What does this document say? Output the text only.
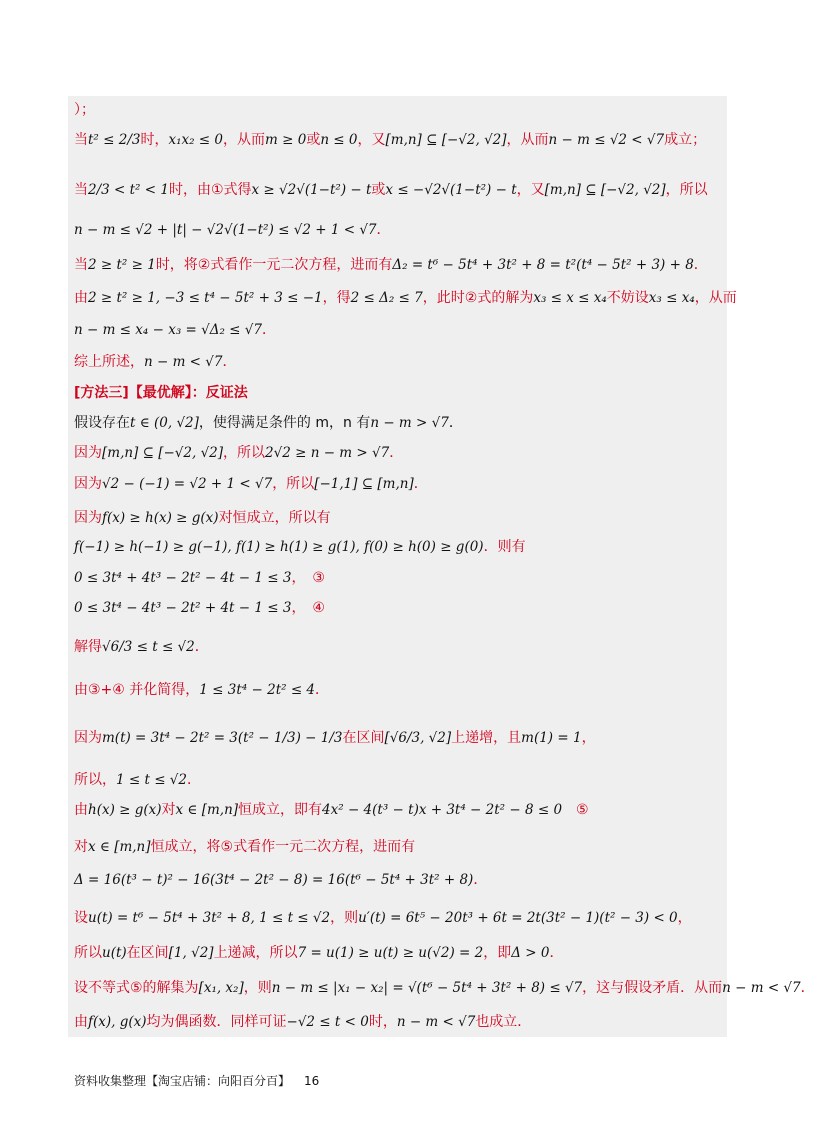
）；
当t² ≤ 2/3时，x₁x₂ ≤ 0，从而m ≥ 0或n ≤ 0，又[m,n] ⊆ [−√2, √2]，从而n − m ≤ √2 < √7成立；
当2/3 < t² < 1时，由①式得x ≥ √2√(1−t²) − t或x ≤ −√2√(1−t²) − t，又[m,n] ⊆ [−√2, √2]，所以
n − m ≤ √2 + |t| − √2√(1−t²) ≤ √2 + 1 < √7．
当2 ≥ t² ≥ 1时，将②式看作一元二次方程，进而有Δ₂ = t⁶ − 5t⁴ + 3t² + 8 = t²(t⁴ − 5t² + 3) + 8．
由2 ≥ t² ≥ 1, −3 ≤ t⁴ − 5t² + 3 ≤ −1，得2 ≤ Δ₂ ≤ 7，此时②式的解为x₃ ≤ x ≤ x₄不妨设x₃ ≤ x₄，从而
n − m ≤ x₄ − x₃ = √Δ₂ ≤ √7．
综上所述，n − m < √7．
[方法三]【最优解】：反证法
假设存在t ∈ (0, √2]，使得满足条件的 m，n 有n − m > √7．
因为[m,n] ⊆ [−√2, √2]，所以2√2 ≥ n − m > √7．
因为√2 − (−1) = √2 + 1 < √7，所以[−1,1] ⊆ [m,n]．
因为f(x) ≥ h(x) ≥ g(x)对恒成立，所以有
f(−1) ≥ h(−1) ≥ g(−1), f(1) ≥ h(1) ≥ g(1), f(0) ≥ h(0) ≥ g(0)．则有
0 ≤ 3t⁴ + 4t³ − 2t² − 4t − 1 ≤ 3，　③
0 ≤ 3t⁴ − 4t³ − 2t² + 4t − 1 ≤ 3，　④
解得√6/3 ≤ t ≤ √2．
由③+④ 并化简得，1 ≤ 3t⁴ − 2t² ≤ 4．
因为m(t) = 3t⁴ − 2t² = 3(t² − 1/3) − 1/3在区间[√6/3, √2]上递增，且m(1) = 1，
所以，1 ≤ t ≤ √2．
由h(x) ≥ g(x)对x ∈ [m,n]恒成立，即有4x² − 4(t³ − t)x + 3t⁴ − 2t² − 8 ≤ 0　⑤
对x ∈ [m,n]恒成立，将⑤式看作一元二次方程，进而有
Δ = 16(t³ − t)² − 16(3t⁴ − 2t² − 8) = 16(t⁶ − 5t⁴ + 3t² + 8)．
设u(t) = t⁶ − 5t⁴ + 3t² + 8, 1 ≤ t ≤ √2，则u′(t) = 6t⁵ − 20t³ + 6t = 2t(3t² − 1)(t² − 3) < 0，
所以u(t)在区间[1, √2]上递减，所以7 = u(1) ≥ u(t) ≥ u(√2) = 2，即Δ > 0．
设不等式⑤的解集为[x₁, x₂]，则n − m ≤ |x₁ − x₂| = √(t⁶ − 5t⁴ + 3t² + 8) ≤ √7，这与假设矛盾．从而n − m < √7．
由f(x), g(x)均为偶函数．同样可证−√2 ≤ t < 0时，n − m < √7也成立．
资料收集整理【淘宝店铺：向阳百分百】 16
